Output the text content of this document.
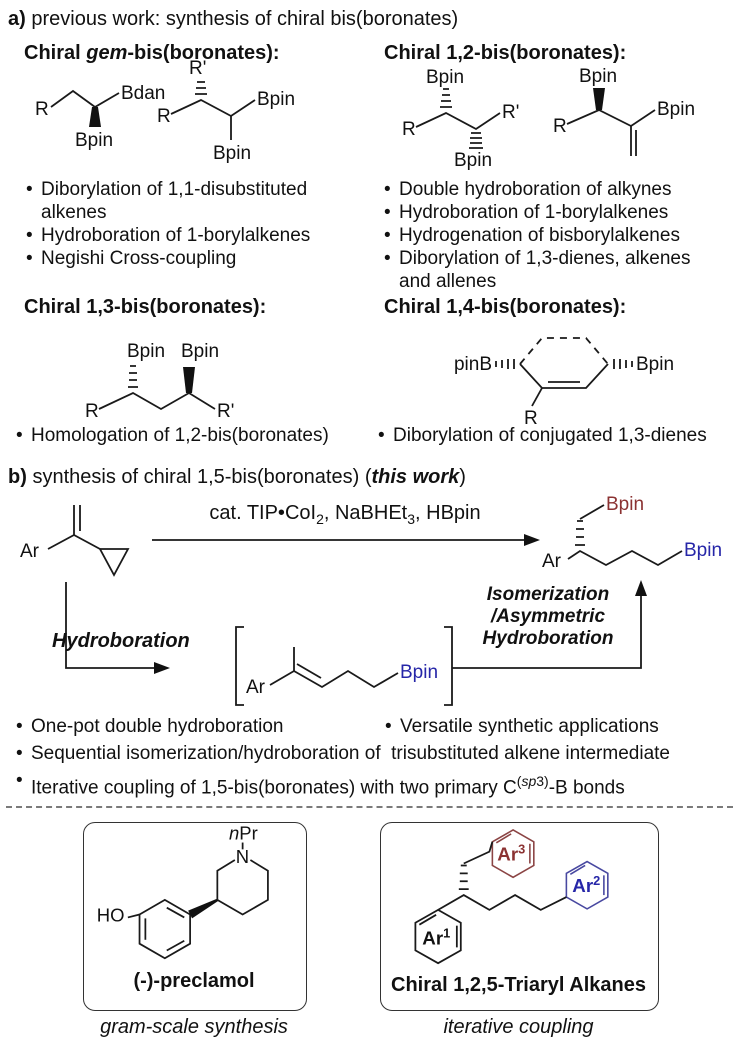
a) previous work: synthesis of chiral bis(boronates)
Chiral gem-bis(boronates):	Chiral 1,2-bis(boronates):
R
Bdan
Bpin
R'
R
Bpin
Bpin
Bpin
R
R'
Bpin
Bpin
R
Bpin
• Diborylation of 1,1-disubstituted alkenes
• Hydroboration of 1-borylalkenes
• Negishi Cross-coupling
• Double hydroboration of alkynes
• Hydroboration of 1-borylalkenes
• Hydrogenation of bisborylalkenes
• Diborylation of 1,3-dienes, alkenes and allenes
Chiral 1,3-bis(boronates):	Chiral 1,4-bis(boronates):
Bpin Bpin
R	R'
pinB	Bpin
R
• Homologation of 1,2-bis(boronates)	• Diborylation of conjugated 1,3-dienes
b) synthesis of chiral 1,5-bis(boronates) (this work)
cat. TIP•CoI$_2$, NaBHEt$_3$, HBpin
Hydroboration
Isomerization
/Asymmetric
Hydroboration
Ar
Ar
Bpin
Ar
Bpin
Bpin
• One-pot double hydroboration	• Versatile synthetic applications
• Sequential isomerization/hydroboration of  trisubstituted alkene intermediate
• Iterative coupling of 1,5-bis(boronates) with two primary $C^{(sp3)}-B$ bonds
HO
N
nPr
(-)-preclamol
gram-scale synthesis
Ar$^1$
Ar$^3$
Ar$^2$
Chiral 1,2,5-Triaryl Alkanes
iterative coupling
